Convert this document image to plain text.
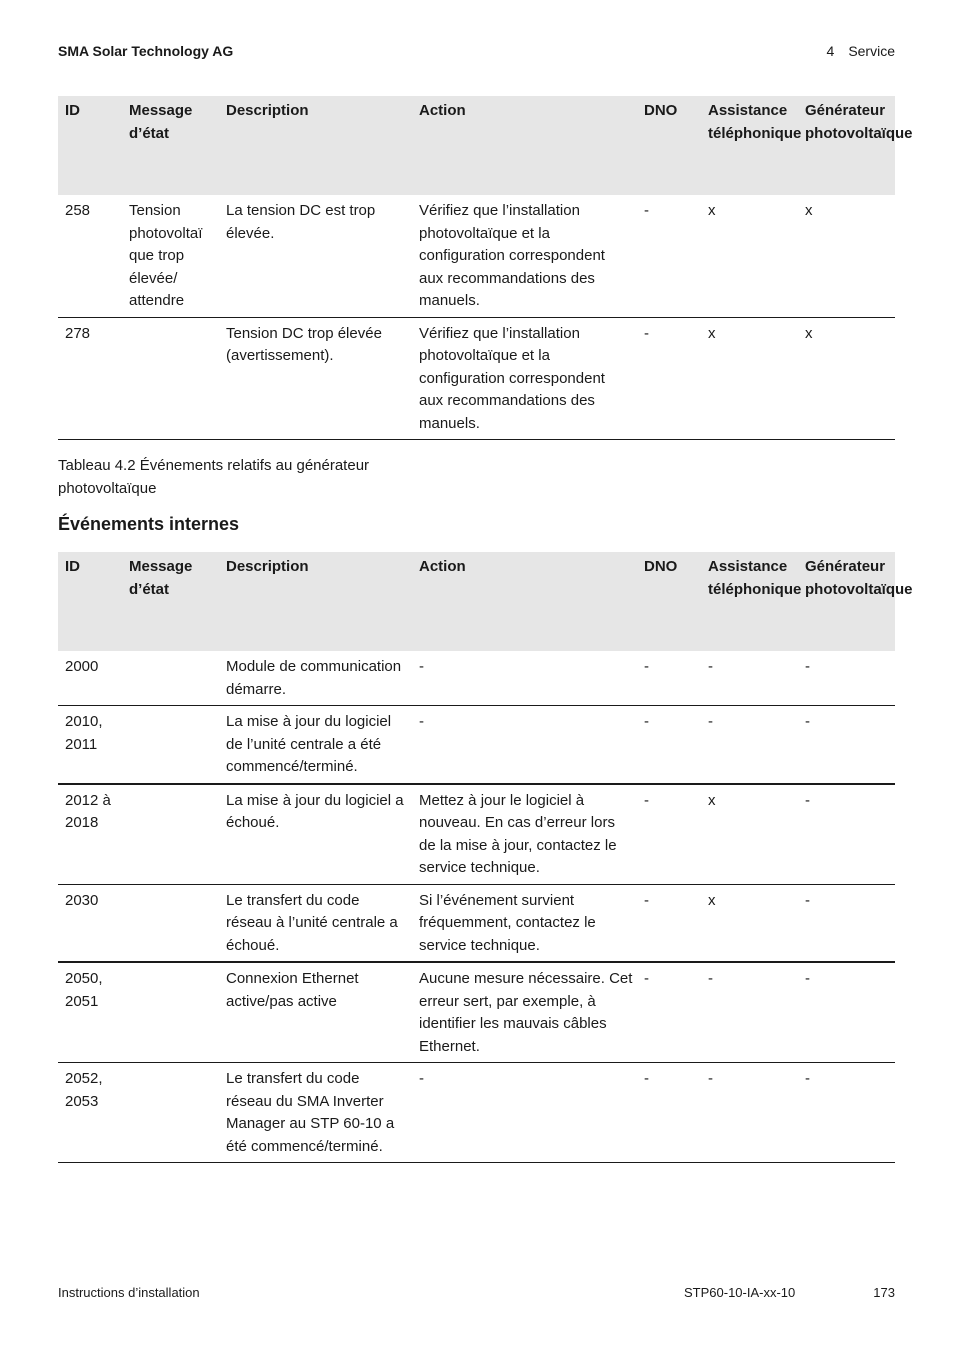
SMA Solar Technology AG	4 Service
ID	Message d’état	Description	Action	DNO	Assistance téléphonique	Générateur photovoltaïque
258	Tension photovoltaï que trop élevée/ attendre	La tension DC est trop élevée.	Vérifiez que l’installation photovoltaïque et la configuration correspondent aux recommandations des manuels.	-	x	x
278		Tension DC trop élevée (avertissement).	Vérifiez que l’installation photovoltaïque et la configuration correspondent aux recommandations des manuels.	-	x	x
Tableau 4.2 Événements relatifs au générateur photovoltaïque
Événements internes
ID	Message d’état	Description	Action	DNO	Assistance téléphonique	Générateur photovoltaïque
2000		Module de communication démarre.	-	-	-	-
2010, 2011		La mise à jour du logiciel de l’unité centrale a été commencé/terminé.	-	-	-	-
2012 à 2018		La mise à jour du logiciel a échoué.	Mettez à jour le logiciel à nouveau. En cas d’erreur lors de la mise à jour, contactez le service technique.	-	x	-
2030		Le transfert du code réseau à l’unité centrale a échoué.	Si l’événement survient fréquemment, contactez le service technique.	-	x	-
2050, 2051		Connexion Ethernet active/pas active	Aucune mesure nécessaire. Cet erreur sert, par exemple, à identifier les mauvais câbles Ethernet.	-	-	-
2052, 2053		Le transfert du code réseau du SMA Inverter Manager au STP 60-10 a été commencé/terminé.	-	-	-	-
Instructions d’installation	STP60-10-IA-xx-10	173
